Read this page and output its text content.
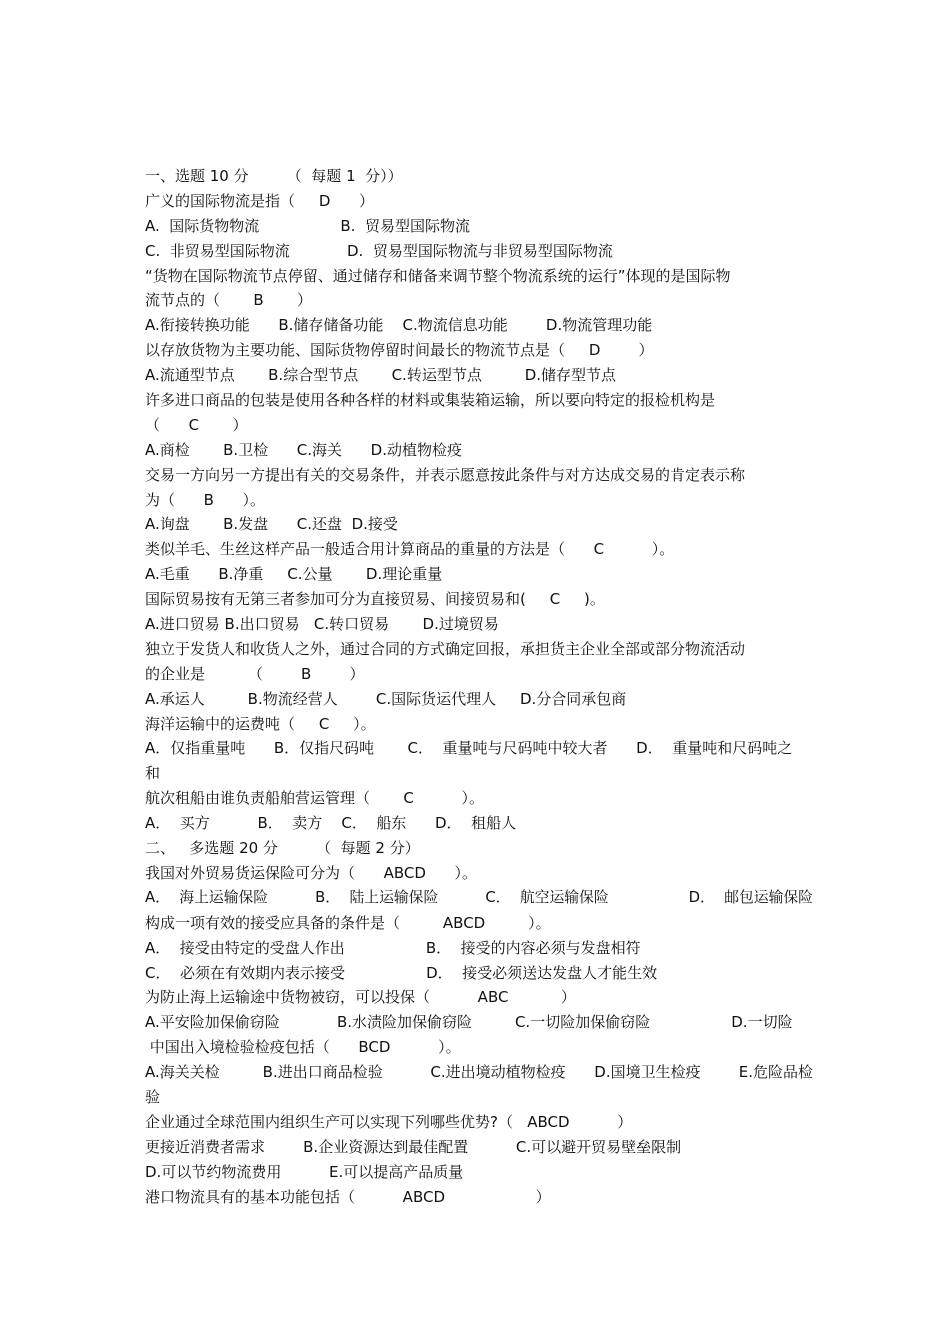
一、选题 10 分        （  每题 1  分））
广义的国际物流是指（     D      ）
A.  国际货物物流                 B.  贸易型国际物流
C.  非贸易型国际物流            D.  贸易型国际物流与非贸易型国际物流
“货物在国际物流节点停留、通过储存和储备来调节整个物流系统的运行”体现的是国际物
流节点的（       B       ）
A.衔接转换功能      B.储存储备功能    C.物流信息功能        D.物流管理功能
以存放货物为主要功能、国际货物停留时间最长的物流节点是（     D        ）
A.流通型节点       B.综合型节点       C.转运型节点         D.储存型节点
许多进口商品的包装是使用各种各样的材料或集装箱运输，所以要向特定的报检机构是
（      C       ）
A.商检       B.卫检      C.海关      D.动植物检疫
交易一方向另一方提出有关的交易条件，并表示愿意按此条件与对方达成交易的肯定表示称
为（      B      ）。
A.询盘       B.发盘      C.还盘  D.接受
类似羊毛、生丝这样产品一般适合用计算商品的重量的方法是（      C          ）。
A.毛重      B.净重     C.公量       D.理论重量
国际贸易按有无第三者参加可分为直接贸易、间接贸易和(     C     )。
A.进口贸易 B.出口贸易   C.转口贸易       D.过境贸易
独立于发货人和收货人之外，通过合同的方式确定回报，承担货主企业全部或部分物流活动
的企业是         （        B        ）
A.承运人         B.物流经营人        C.国际货运代理人     D.分合同承包商
海洋运输中的运费吨（     C     ）。
A．仅指重量吨      B．仅指尺码吨       C．  重量吨与尺码吨中较大者      D．  重量吨和尺码吨之
和
航次租船由谁负责船舶营运管理（       C          ）。
A．  买方          B．  卖方    C．  船东      D．  租船人
二、   多选题 20 分        （  每题 2 分）
我国对外贸易货运保险可分为（      ABCD      ）。
A．  海上运输保险          B．  陆上运输保险          C．  航空运输保险                 D．  邮包运输保险
构成一项有效的接受应具备的条件是（         ABCD         ）。
A．  接受由特定的受盘人作出                 B．  接受的内容必须与发盘相符
C．  必须在有效期内表示接受                 D．  接受必须送达发盘人才能生效
为防止海上运输途中货物被窃，可以投保（          ABC           ）
A.平安险加保偷窃险            B.水渍险加保偷窃险         C.一切险加保偷窃险                 D.一切险
中国出入境检验检疫包括（      BCD          ）。
A.海关关检         B.进出口商品检验          C.进出境动植物检疫      D.国境卫生检疫        E.危险品检
验
企业通过全球范围内组织生产可以实现下列哪些优势?（   ABCD          ）
更接近消费者需求        B.企业资源达到最佳配置          C.可以避开贸易壁垒限制
D.可以节约物流费用          E.可以提高产品质量
港口物流具有的基本功能包括（          ABCD                   ）
